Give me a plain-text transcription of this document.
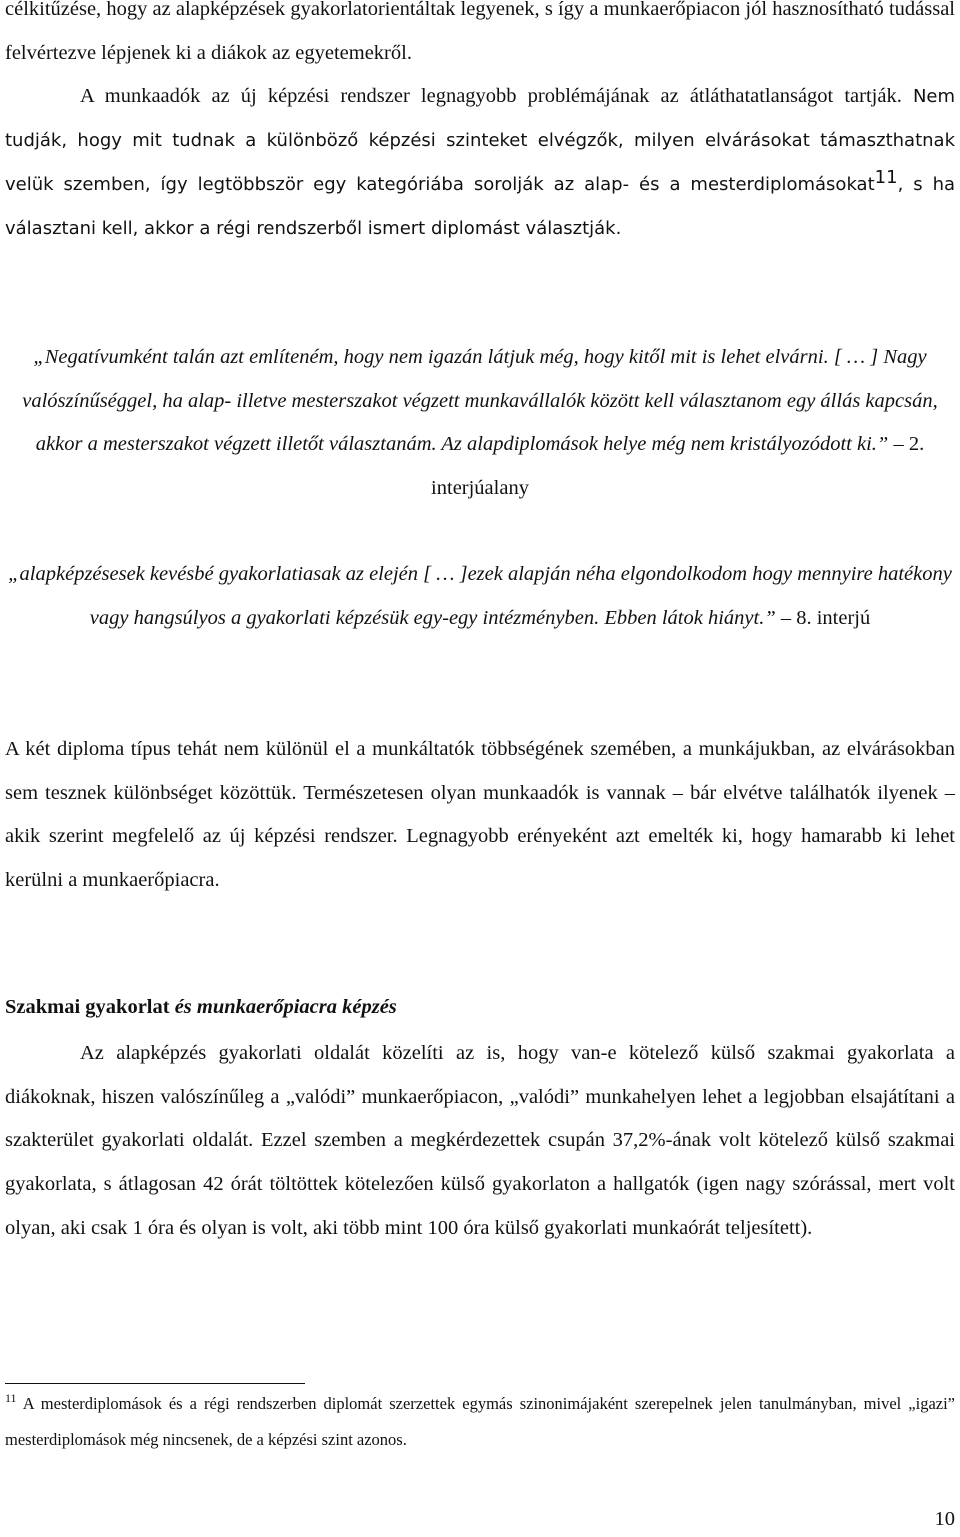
célkitűzése, hogy az alapképzések gyakorlatorientáltak legyenek, s így a munkaerőpiacon jól hasznosítható tudással felvértezve lépjenek ki a diákok az egyetemekről.
A munkaadók az új képzési rendszer legnagyobb problémájának az átláthatatlanságot tartják. Nem tudják, hogy mit tudnak a különböző képzési szinteket elvégzők, milyen elvárásokat támaszthatnak velük szemben, így legtöbbször egy kategóriába sorolják az alap- és a mesterdiplomásokat$^{11}$, s ha választani kell, akkor a régi rendszerből ismert diplomást választják.

„Negatívumként talán azt említeném, hogy nem igazán látjuk még, hogy kitől mit is lehet elvárni. [ … ] Nagy valószínűséggel, ha alap- illetve mesterszakot végzett munkavállalók között kell választanom egy állás kapcsán, akkor a mesterszakot végzett illetőt választanám. Az alapdiplomások helye még nem kristályozódott ki.” – 2. interjúalany

„alapképzésesek kevésbé gyakorlatiasak az elején [ … ]ezek alapján néha elgondolkodom hogy mennyire hatékony vagy hangsúlyos a gyakorlati képzésük egy-egy intézményben. Ebben látok hiányt.” – 8. interjú

A két diploma típus tehát nem különül el a munkáltatók többségének szemében, a munkájukban, az elvárásokban sem tesznek különbséget közöttük. Természetesen olyan munkaadók is vannak – bár elvétve találhatók ilyenek – akik szerint megfelelő az új képzési rendszer. Legnagyobb erényeként azt emelték ki, hogy hamarabb ki lehet kerülni a munkaerőpiacra.

Szakmai gyakorlat és munkaerőpiacra képzés

Az alapképzés gyakorlati oldalát közelíti az is, hogy van-e kötelező külső szakmai gyakorlata a diákoknak, hiszen valószínűleg a „valódi” munkaerőpiacon, „valódi” munkahelyen lehet a legjobban elsajátítani a szakterület gyakorlati oldalát. Ezzel szemben a megkérdezettek csupán 37,2%-ának volt kötelező külső szakmai gyakorlata, s átlagosan 42 órát töltöttek kötelezően külső gyakorlaton a hallgatók (igen nagy szórással, mert volt olyan, aki csak 1 óra és olyan is volt, aki több mint 100 óra külső gyakorlati munkaórát teljesített).

$^{11}$ A mesterdiplomások és a régi rendszerben diplomát szerzettek egymás szinonimájaként szerepelnek jelen tanulmányban, mivel „igazi” mesterdiplomások még nincsenek, de a képzési szint azonos.

10
